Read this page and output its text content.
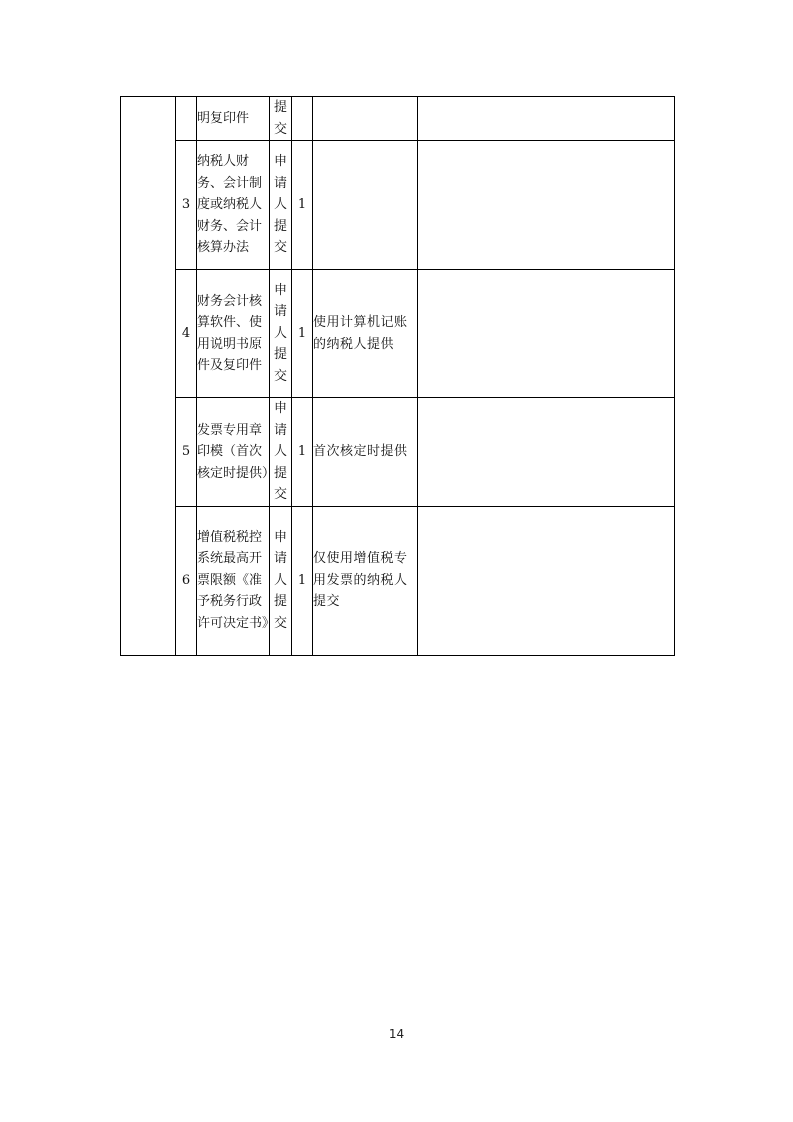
		明复印件	提交			
	3	纳税人财务、会计制度或纳税人财务、会计核算办法	申请人提交	1		
	4	财务会计核算软件、使用说明书原件及复印件	申请人提交	1	使用计算机记账的纳税人提供	
	5	发票专用章印模（首次核定时提供）	申请人提交	1	首次核定时提供	
	6	增值税税控系统最高开票限额《准予税务行政许可决定书》	申请人提交	1	仅使用增值税专用发票的纳税人提交	
14
